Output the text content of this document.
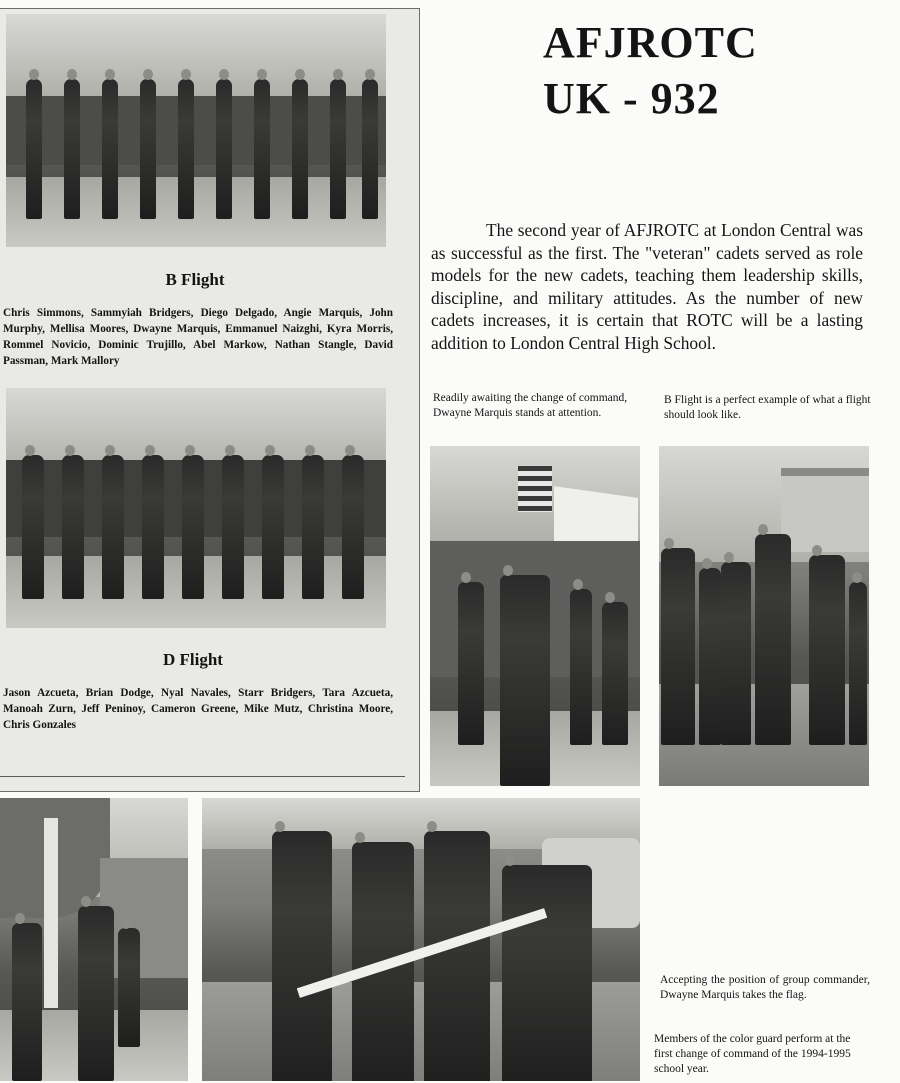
B Flight
Chris Simmons, Sammyiah Bridgers, Diego Delgado, Angie Marquis, John Murphy, Mellisa Moores, Dwayne Marquis, Emmanuel Naizghi, Kyra Morris, Rommel Novicio, Dominic Trujillo, Abel Markow, Nathan Stangle, David Passman, Mark Mallory
D Flight
Jason Azcueta, Brian Dodge, Nyal Navales, Starr Bridgers, Tara Azcueta, Manoah Zurn, Jeff Peninoy, Cameron Greene, Mike Mutz, Christina Moore, Chris Gonzales
AFJROTC
UK - 932
The second year of AFJROTC at London Central was as successful as the first. The "veteran" cadets served as role models for the new cadets, teaching them leadership skills, discipline, and military attitudes. As the number of new cadets increases, it is certain that ROTC will be a lasting addition to London Central High School.
Readily awaiting the change of command, Dwayne Marquis stands at attention.
B Flight is a perfect example of what a flight should look like.
Accepting the position of group commander, Dwayne Marquis takes the flag.
Members of the color guard perform at the first change of command of the 1994-1995 school year.
